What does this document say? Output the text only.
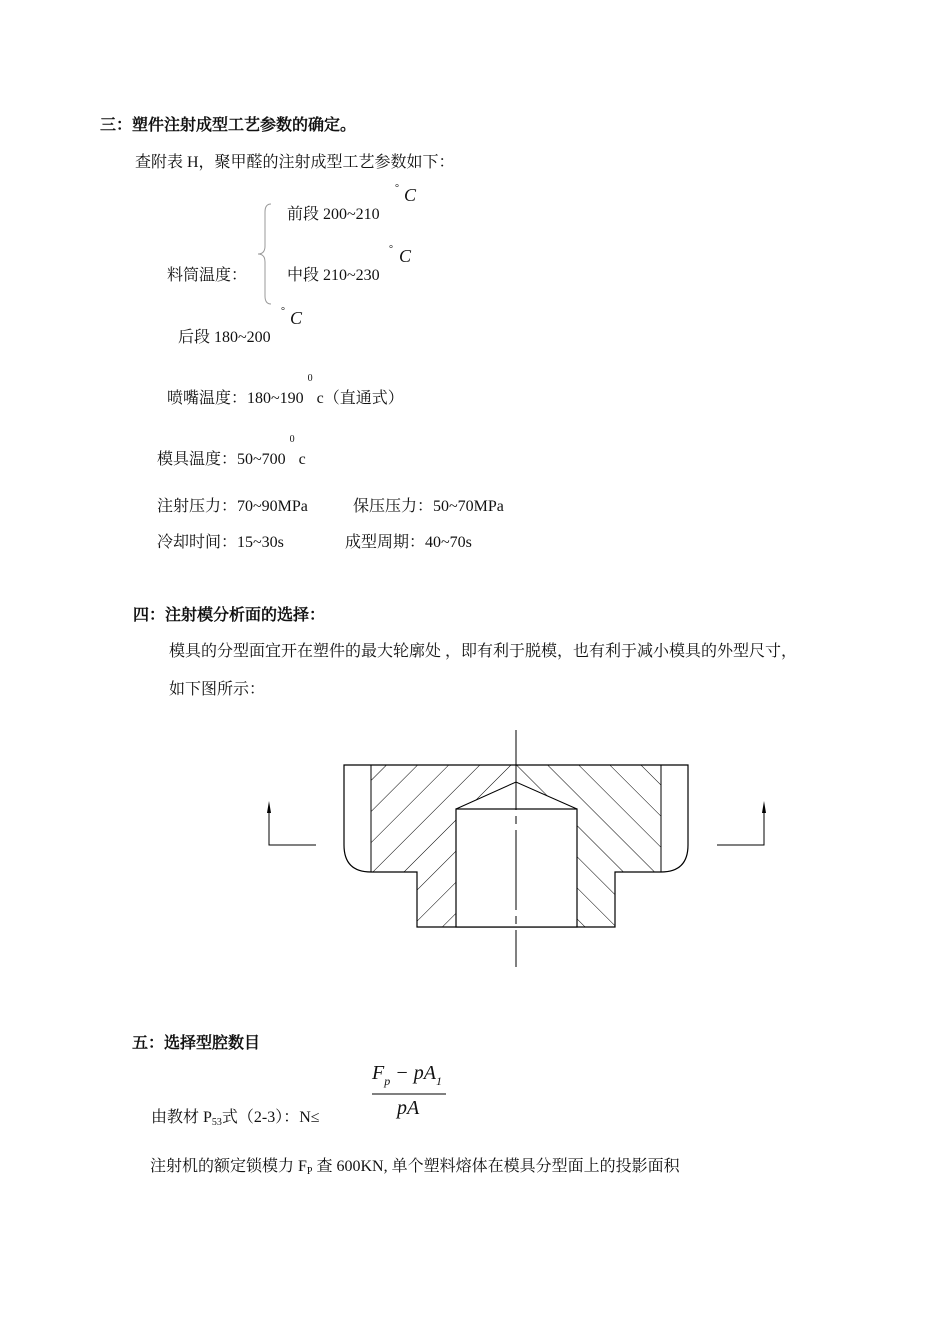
三：塑件注射成型工艺参数的确定。
查附表 H，聚甲醛的注射成型工艺参数如下：
前段 200~210
° C
料筒温度： 中段 210~230
° C
后段 180~200
° C
喷嘴温度：180~190 $^0$ c（直通式）
模具温度：50~700 $^0$ c
注射压力：70~90MPa	保压压力：50~70MPa
冷却时间：15~30s	成型周期：40~70s
四：注射模分析面的选择：
模具的分型面宜开在塑件的最大轮廓处 ，即有利于脱模，也有利于减小模具的外型尺寸，
如下图所示：
五：选择型腔数目
$F_p - pA_1$
pA
由教材 P53式（2-3）：N≤
注射机的额定锁模力 FP 查 600KN, 单个塑料熔体在模具分型面上的投影面积
